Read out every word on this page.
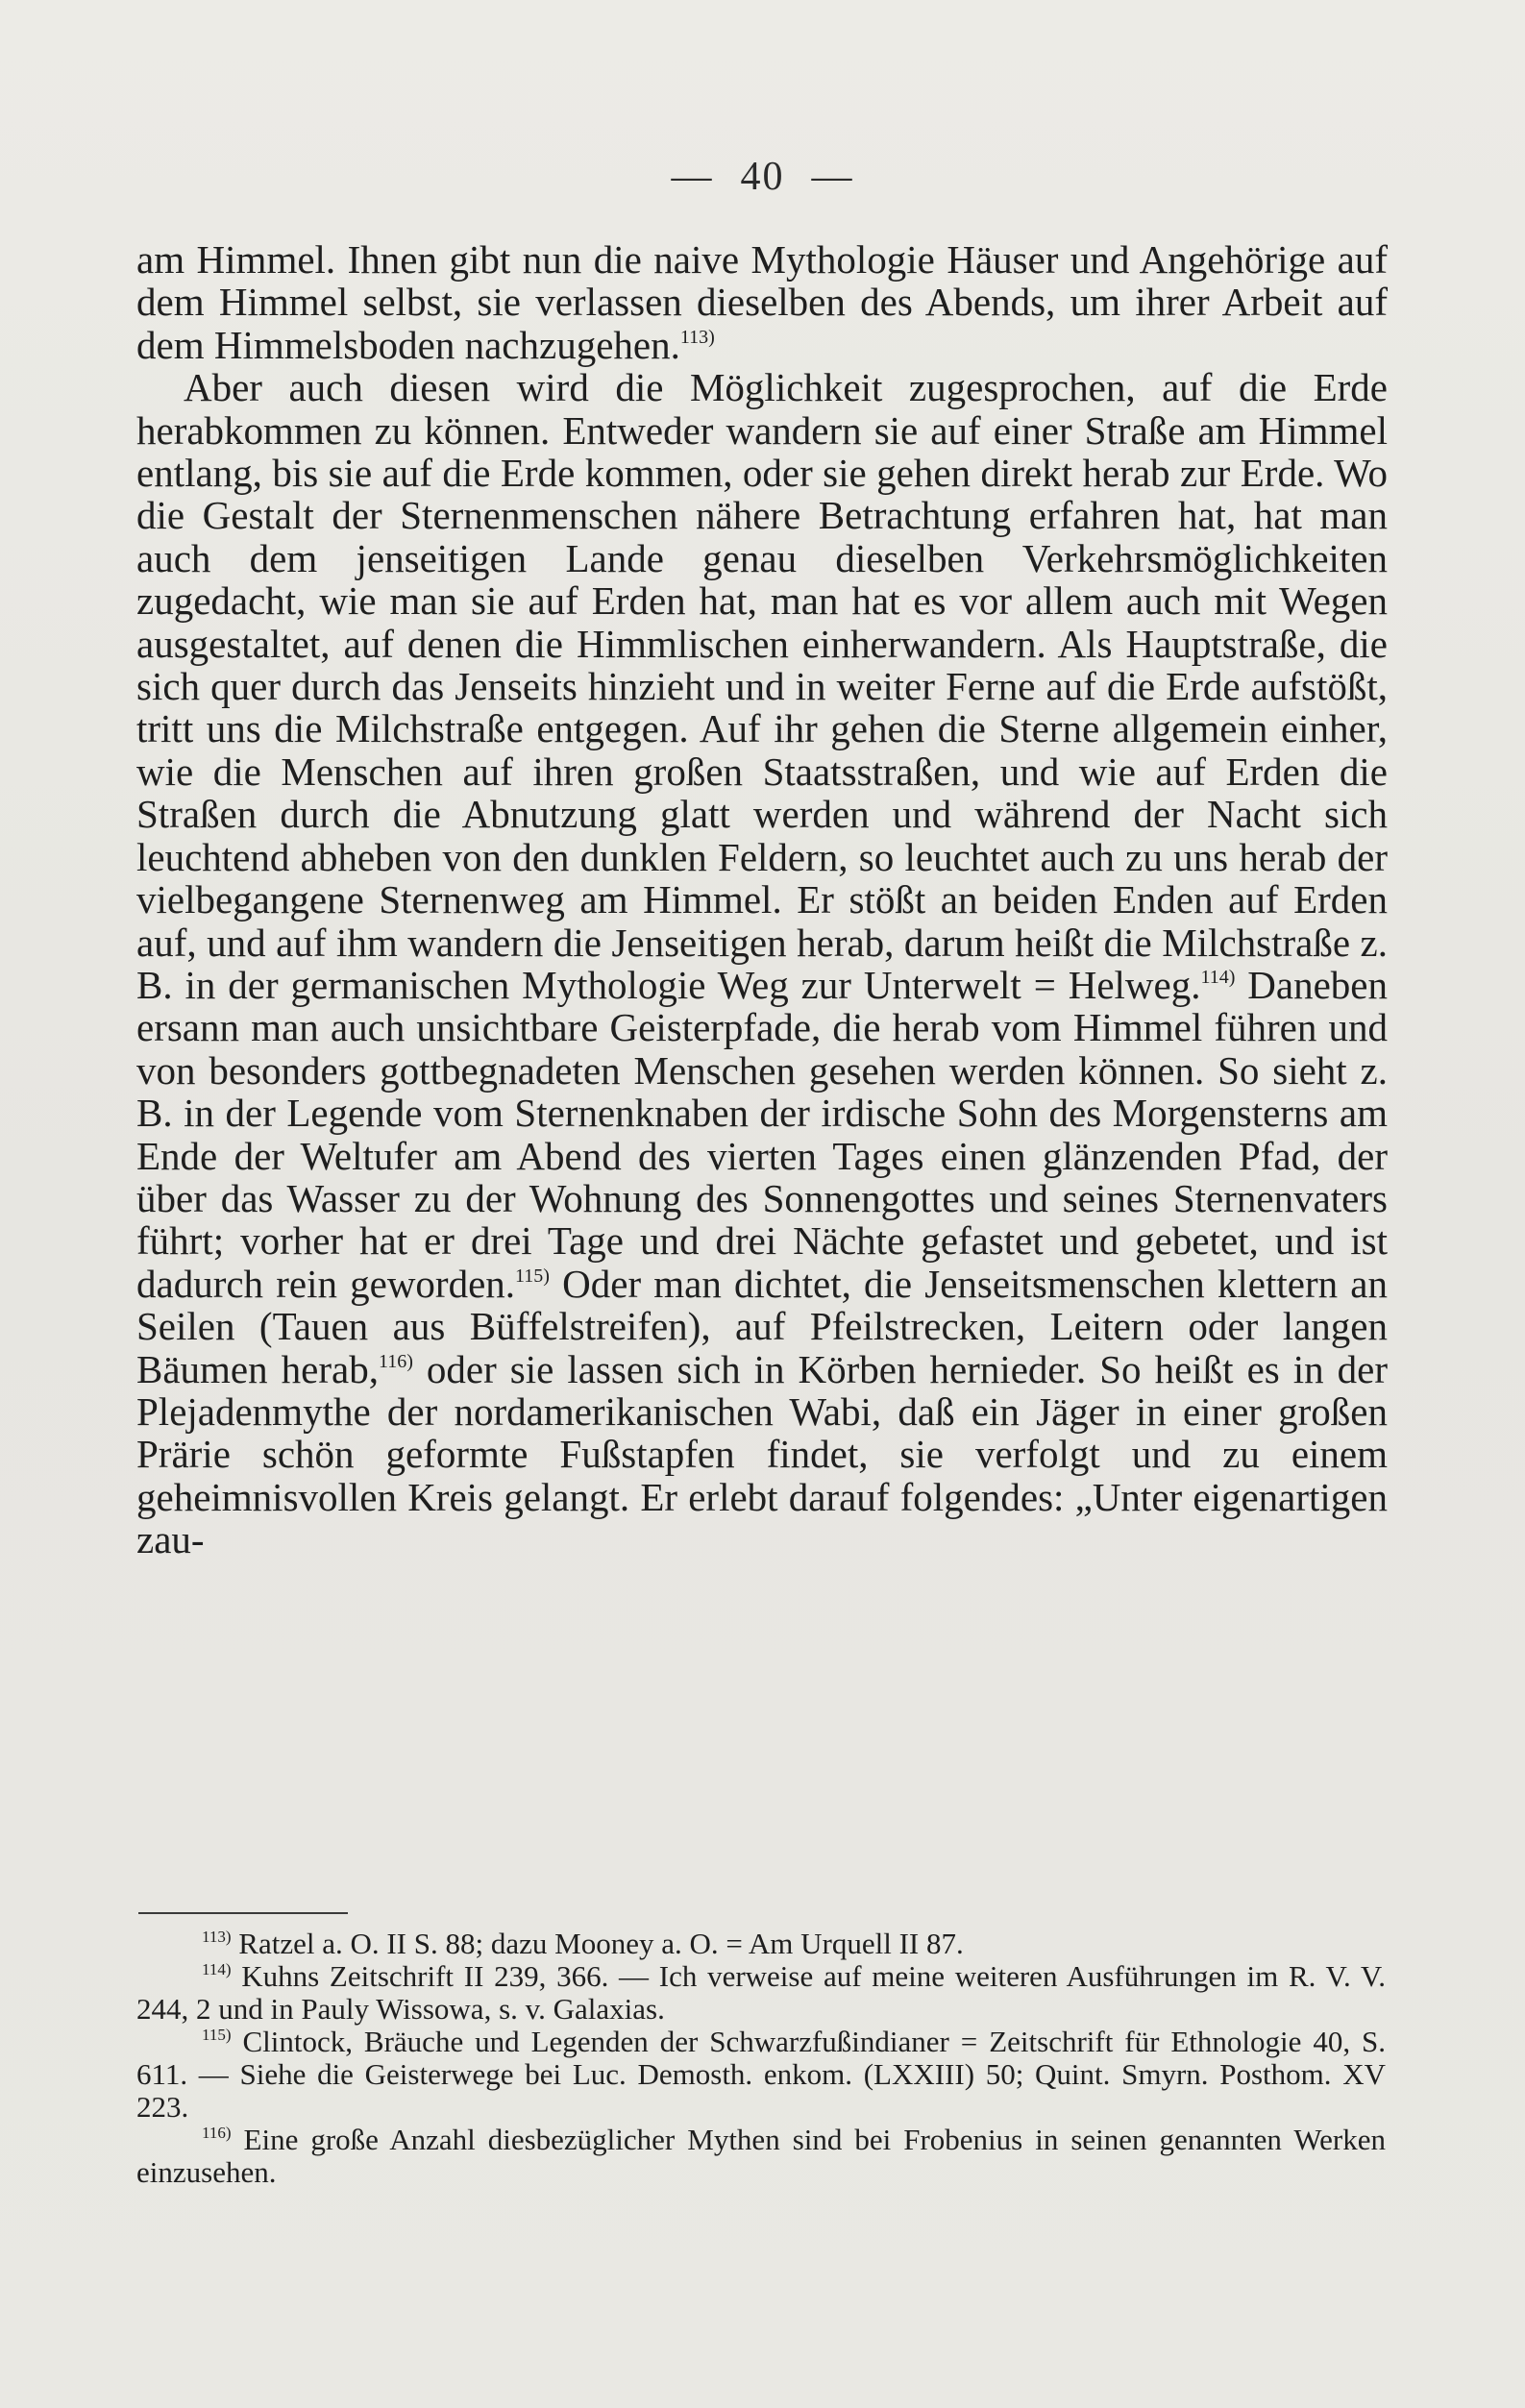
— 40 —

am Himmel. Ihnen gibt nun die naive Mythologie Häuser und Angehörige auf dem Himmel selbst, sie verlassen dieselben des Abends, um ihrer Arbeit auf dem Himmelsboden nachzugehen.$^{113)}$

Aber auch diesen wird die Möglichkeit zugesprochen, auf die Erde herabkommen zu können. Entweder wandern sie auf einer Straße am Himmel entlang, bis sie auf die Erde kommen, oder sie gehen direkt herab zur Erde. Wo die Gestalt der Sternenmenschen nähere Betrachtung erfahren hat, hat man auch dem jenseitigen Lande genau dieselben Verkehrsmöglichkeiten zugedacht, wie man sie auf Erden hat, man hat es vor allem auch mit Wegen ausgestaltet, auf denen die Himmlischen einherwandern. Als Hauptstraße, die sich quer durch das Jenseits hinzieht und in weiter Ferne auf die Erde aufstößt, tritt uns die Milchstraße entgegen. Auf ihr gehen die Sterne allgemein einher, wie die Menschen auf ihren großen Staatsstraßen, und wie auf Erden die Straßen durch die Abnutzung glatt werden und während der Nacht sich leuchtend abheben von den dunklen Feldern, so leuchtet auch zu uns herab der vielbegangene Sternenweg am Himmel. Er stößt an beiden Enden auf Erden auf, und auf ihm wandern die Jenseitigen herab, darum heißt die Milchstraße z. B. in der germanischen Mythologie Weg zur Unterwelt = Helweg.$^{114)}$ Daneben ersann man auch unsichtbare Geisterpfade, die herab vom Himmel führen und von besonders gottbegnadeten Menschen gesehen werden können. So sieht z. B. in der Legende vom Sternenknaben der irdische Sohn des Morgensterns am Ende der Weltufer am Abend des vierten Tages einen glänzenden Pfad, der über das Wasser zu der Wohnung des Sonnengottes und seines Sternenvaters führt; vorher hat er drei Tage und drei Nächte gefastet und gebetet, und ist dadurch rein geworden.$^{115)}$ Oder man dichtet, die Jenseitsmenschen klettern an Seilen (Tauen aus Büffelstreifen), auf Pfeilstrecken, Leitern oder langen Bäumen herab,$^{116)}$ oder sie lassen sich in Körben hernieder. So heißt es in der Plejadenmythe der nordamerikanischen Wabi, daß ein Jäger in einer großen Prärie schön geformte Fußstapfen findet, sie verfolgt und zu einem geheimnisvollen Kreis gelangt. Er erlebt darauf folgendes: „Unter eigenartigen zau-

$^{113)}$ Ratzel a. O. II S. 88; dazu Mooney a. O. = Am Urquell II 87.

$^{114)}$ Kuhns Zeitschrift II 239, 366. — Ich verweise auf meine weiteren Ausführungen im R. V. V. 244, 2 und in Pauly Wissowa, s. v. Galaxias.

$^{115)}$ Clintock, Bräuche und Legenden der Schwarzfußindianer = Zeitschrift für Ethnologie 40, S. 611. — Siehe die Geisterwege bei Luc. Demosth. enkom. (LXXIII) 50; Quint. Smyrn. Posthom. XV 223.

$^{116)}$ Eine große Anzahl diesbezüglicher Mythen sind bei Frobenius in seinen genannten Werken einzusehen.
